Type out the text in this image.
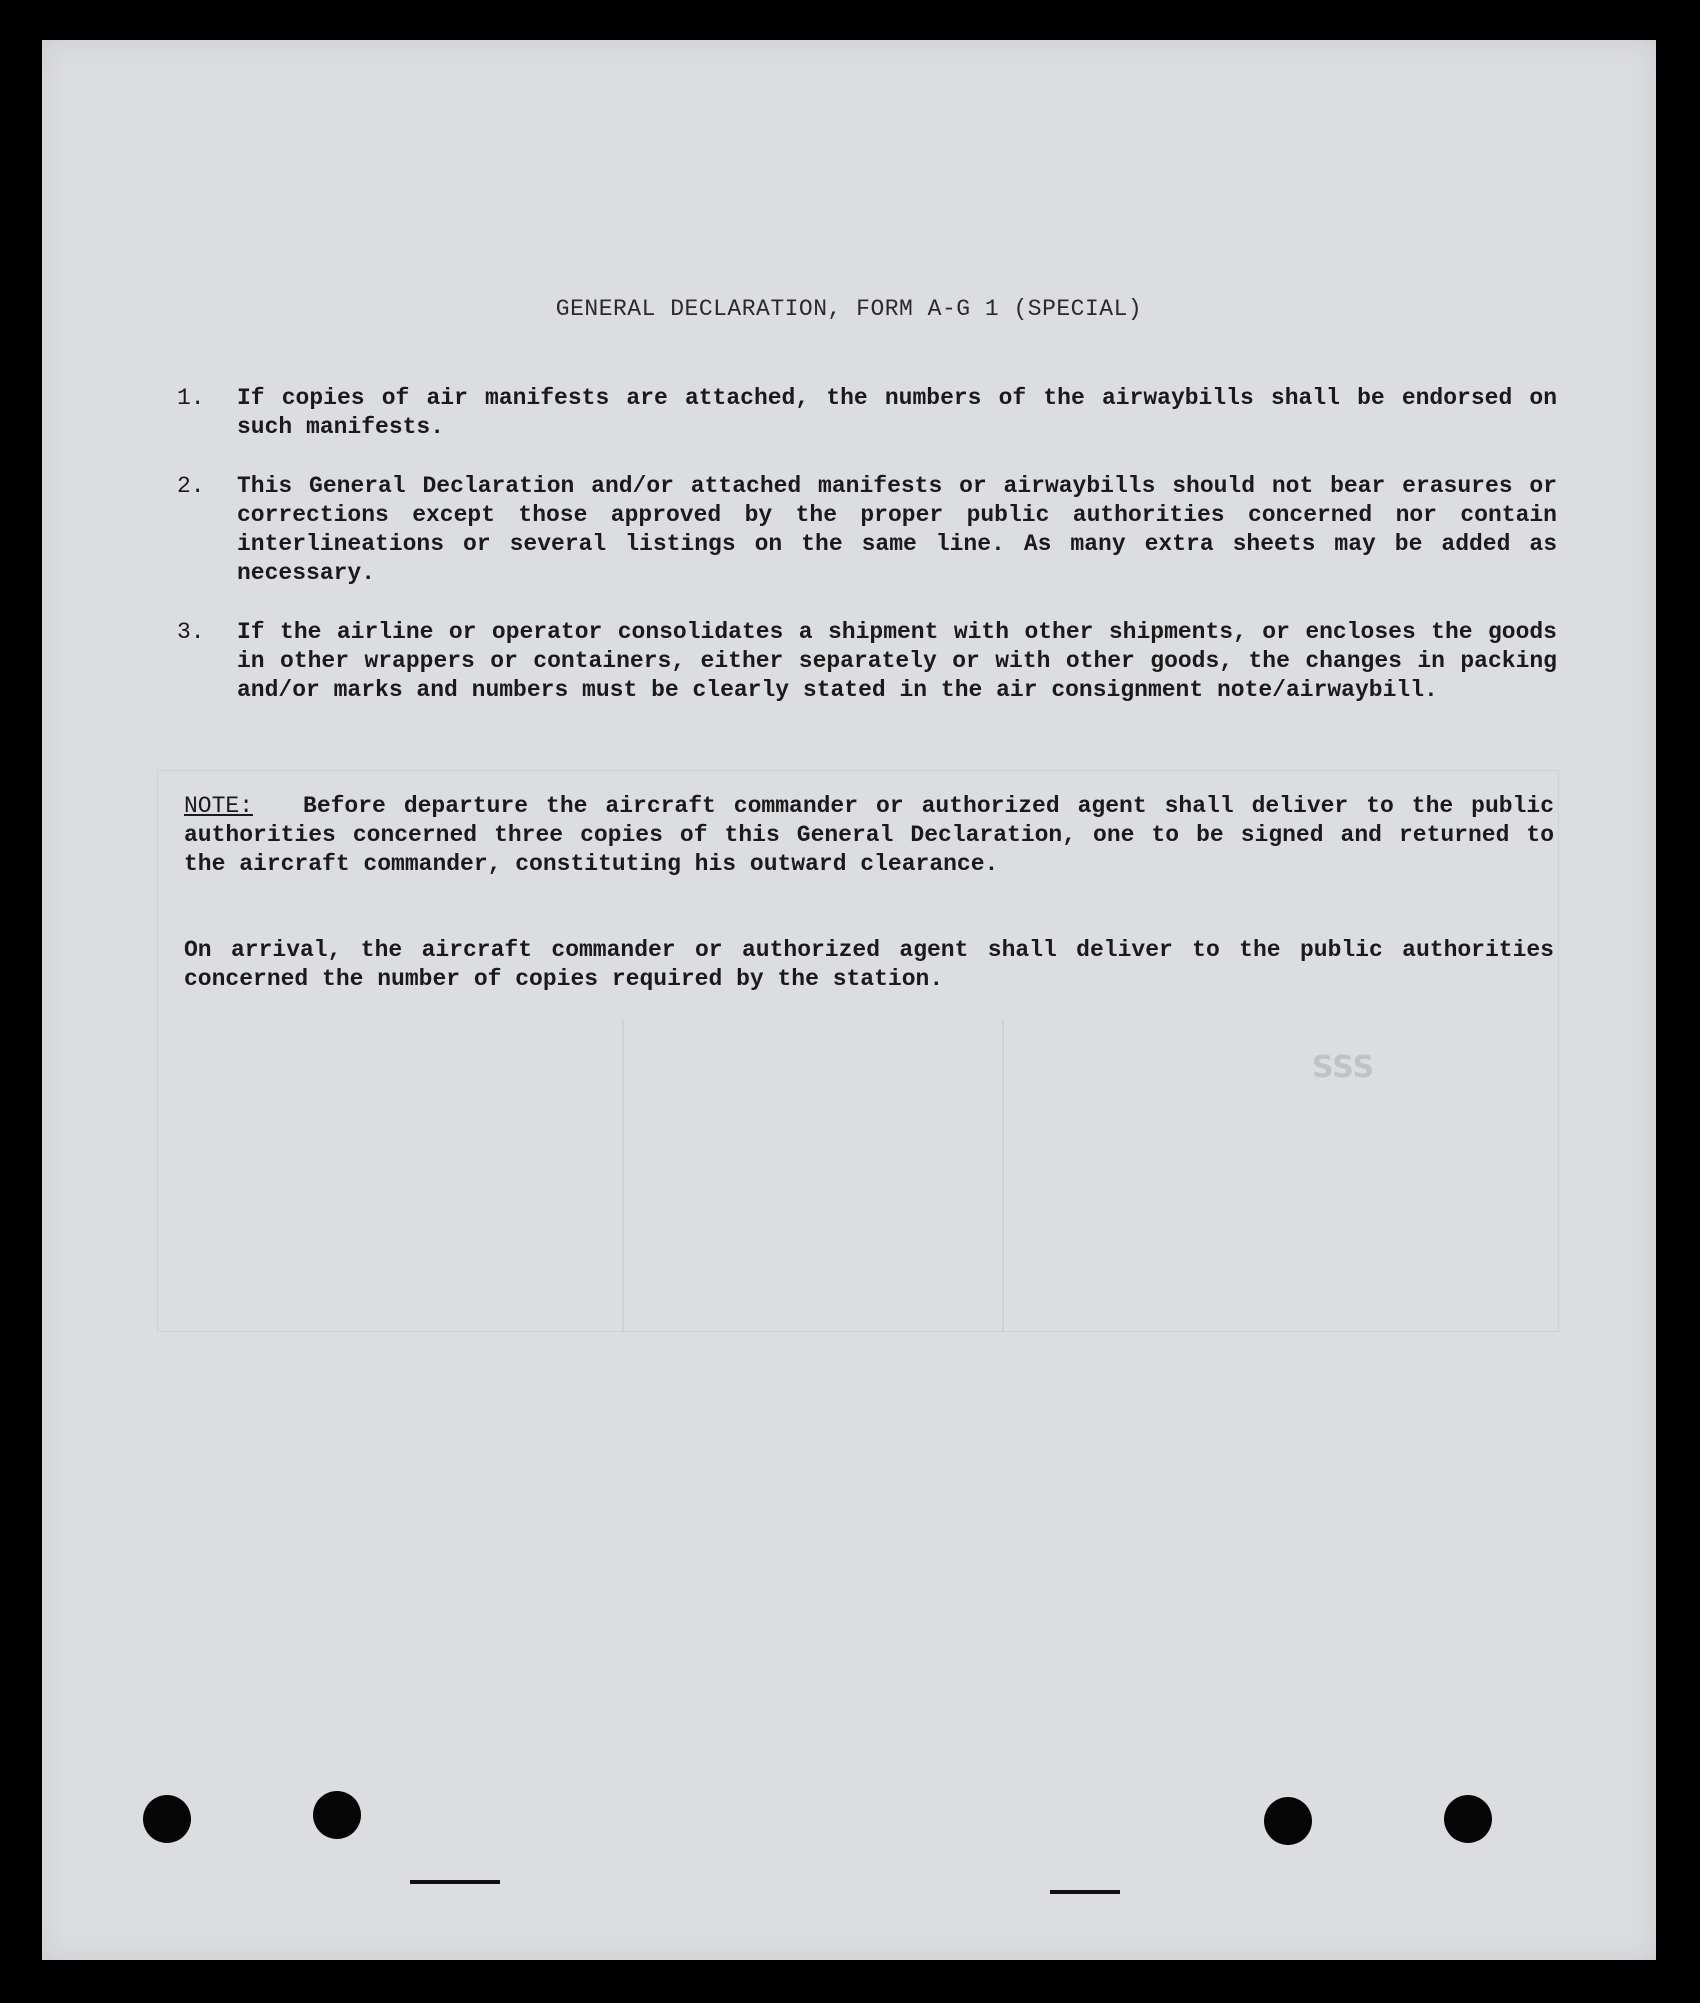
SSS
GENERAL DECLARATION, FORM A-G 1 (SPECIAL)
1.	If copies of air manifests are attached, the numbers of the airwaybills shall be endorsed on such manifests.
2.	This General Declaration and/or attached manifests or airwaybills should not bear erasures or corrections except those approved by the proper public authorities concerned nor contain interlineations or several listings on the same line. As many extra sheets may be added as necessary.
3.	If the airline or operator consolidates a shipment with other shipments, or encloses the goods in other wrappers or containers, either separately or with other goods, the changes in packing and/or marks and numbers must be clearly stated in the air consignment note/airwaybill.
NOTE: Before departure the aircraft commander or authorized agent shall deliver to the public authorities concerned three copies of this General Declaration, one to be signed and returned to the aircraft commander, constituting his outward clearance.
On arrival, the aircraft commander or authorized agent shall deliver to the public authorities concerned the number of copies required by the station.
